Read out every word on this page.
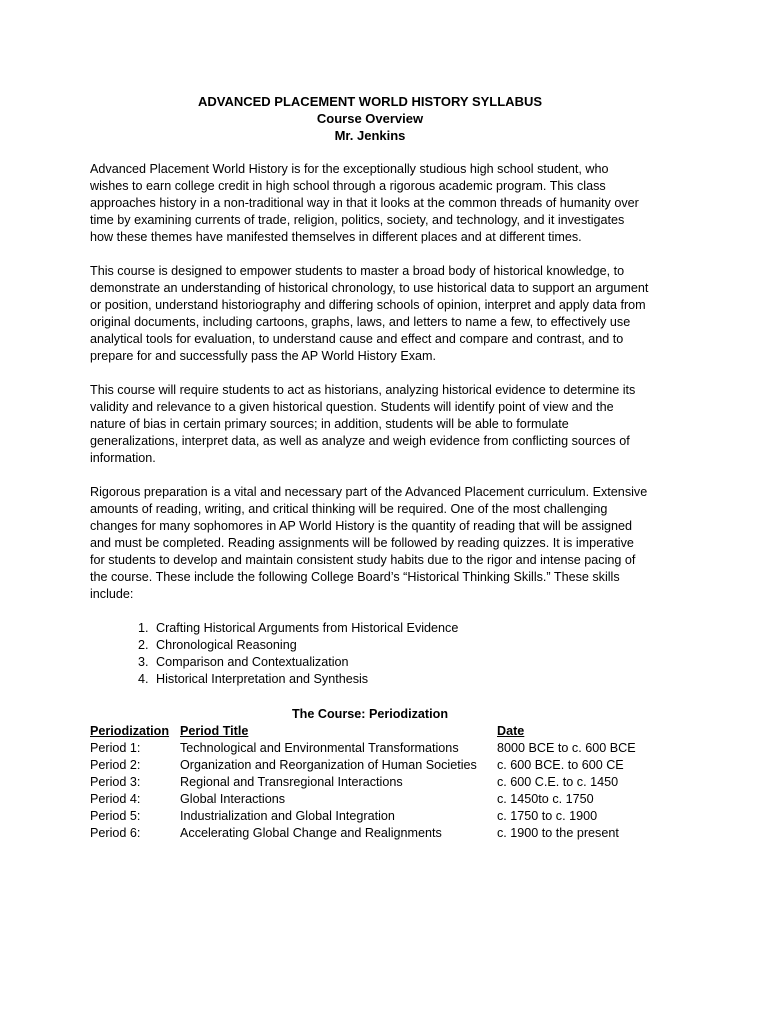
ADVANCED PLACEMENT WORLD HISTORY SYLLABUS
Course Overview
Mr. Jenkins

Advanced Placement World History is for the exceptionally studious high school student, who wishes to earn college credit in high school through a rigorous academic program. This class approaches history in a non-traditional way in that it looks at the common threads of humanity over time by examining currents of trade, religion, politics, society, and technology, and it investigates how these themes have manifested themselves in different places and at different times.

This course is designed to empower students to master a broad body of historical knowledge, to demonstrate an understanding of historical chronology, to use historical data to support an argument or position, understand historiography and differing schools of opinion, interpret and apply data from original documents, including cartoons, graphs, laws, and letters to name a few, to effectively use analytical tools for evaluation, to understand cause and effect and compare and contrast, and to prepare for and successfully pass the AP World History Exam.

This course will require students to act as historians, analyzing historical evidence to determine its validity and relevance to a given historical question. Students will identify point of view and the nature of bias in certain primary sources; in addition, students will be able to formulate generalizations, interpret data, as well as analyze and weigh evidence from conflicting sources of information.

Rigorous preparation is a vital and necessary part of the Advanced Placement curriculum. Extensive amounts of reading, writing, and critical thinking will be required. One of the most challenging changes for many sophomores in AP World History is the quantity of reading that will be assigned and must be completed. Reading assignments will be followed by reading quizzes. It is imperative for students to develop and maintain consistent study habits due to the rigor and intense pacing of the course. These include the following College Board’s “Historical Thinking Skills.” These skills include:

1. Crafting Historical Arguments from Historical Evidence
2. Chronological Reasoning
3. Comparison and Contextualization
4. Historical Interpretation and Synthesis
The Course: Periodization
Periodization	Period Title	Date
Period 1:	Technological and Environmental Transformations	8000 BCE to c. 600 BCE
Period 2:	Organization and Reorganization of Human Societies	c. 600 BCE. to 600 CE
Period 3:	Regional and Transregional Interactions	c. 600 C.E. to c. 1450
Period 4:	Global Interactions	c. 1450to c. 1750
Period 5:	Industrialization and Global Integration	c. 1750 to c. 1900
Period 6:	Accelerating Global Change and Realignments	c. 1900 to the present
